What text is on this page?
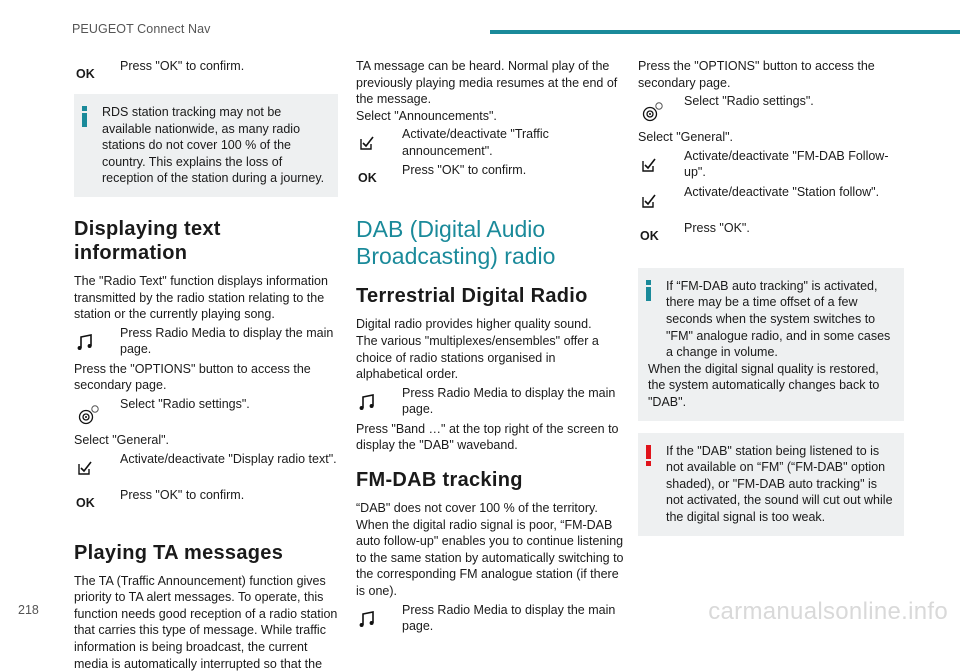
PEUGEOT Connect Nav
OK
Press "OK" to confirm.
RDS station tracking may not be available nationwide, as many radio stations do not cover 100 % of the country. This explains the loss of reception of the station during a journey.
Displaying text information
The "Radio Text" function displays information transmitted by the radio station relating to the station or the currently playing song.
Press Radio Media to display the main page.
Press the "OPTIONS" button to access the secondary page.
Select "Radio settings".
Select "General".
Activate/deactivate "Display radio text".
OK
Press "OK" to confirm.
Playing TA messages
The TA (Traffic Announcement) function gives priority to TA alert messages. To operate, this function needs good reception of a radio station that carries this type of message. While traffic information is being broadcast, the current media is automatically interrupted so that the
TA message can be heard. Normal play of the previously playing media resumes at the end of the message.
Select "Announcements".
Activate/deactivate "Traffic announcement".
OK
Press "OK" to confirm.
DAB (Digital Audio Broadcasting) radio
Terrestrial Digital Radio
Digital radio provides higher quality sound.
The various "multiplexes/ensembles" offer a choice of radio stations organised in alphabetical order.
Press Radio Media to display the main page.
Press "Band …" at the top right of the screen to display the "DAB" waveband.
FM-DAB tracking
“DAB" does not cover 100 % of the territory.
When the digital radio signal is poor, “FM-DAB auto follow-up" enables you to continue listening to the same station by automatically switching to the corresponding FM analogue station (if there is one).
Press Radio Media to display the main page.
Press the "OPTIONS" button to access the secondary page.
Select "Radio settings".
Select "General".
Activate/deactivate "FM-DAB Follow-up".
Activate/deactivate "Station follow".
OK
Press "OK".
If “FM-DAB auto tracking" is activated, there may be a time offset of a few seconds when the system switches to "FM" analogue radio, and in some cases a change in volume.
When the digital signal quality is restored, the system automatically changes back to "DAB".
If the "DAB" station being listened to is not available on “FM” (“FM-DAB" option shaded), or "FM-DAB auto tracking" is not activated, the sound will cut out while the digital signal is too weak.
218	carmanualsonline.info
